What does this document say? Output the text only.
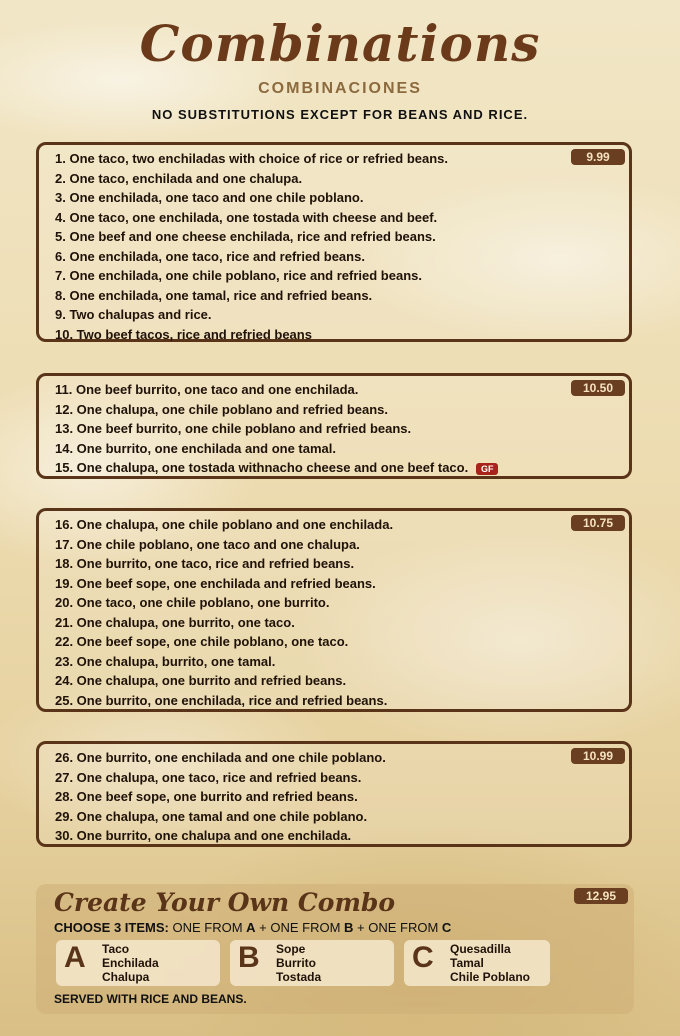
Combinations
COMBINACIONES
NO SUBSTITUTIONS EXCEPT FOR BEANS AND RICE.
9.99
1. One taco, two enchiladas with choice of rice or refried beans.
2. One taco, enchilada and one chalupa.
3. One enchilada, one taco and one chile poblano.
4. One taco, one enchilada, one tostada with cheese and beef.
5. One beef and one cheese enchilada, rice and refried beans.
6. One enchilada, one taco, rice and refried beans.
7. One enchilada, one chile poblano, rice and refried beans.
8. One enchilada, one tamal, rice and refried beans.
9. Two chalupas and rice.
10. Two beef tacos, rice and refried beans
10.50
11. One beef burrito, one taco and one enchilada.
12. One chalupa, one chile poblano and refried beans.
13. One beef burrito, one chile poblano and refried beans.
14. One burrito, one enchilada and one tamal.
15. One chalupa, one tostada withnacho cheese and one beef taco. GF
10.75
16. One chalupa, one chile poblano and one enchilada.
17. One chile poblano, one taco and one chalupa.
18. One burrito, one taco, rice and refried beans.
19. One beef sope, one enchilada and refried beans.
20. One taco, one chile poblano, one burrito.
21. One chalupa, one burrito, one taco.
22. One beef sope, one chile poblano, one taco.
23. One chalupa, burrito, one tamal.
24. One chalupa, one burrito and refried beans.
25. One burrito, one enchilada, rice and refried beans.
10.99
26. One burrito, one enchilada and one chile poblano.
27. One chalupa, one taco, rice and refried beans.
28. One beef sope, one burrito and refried beans.
29. One chalupa, one tamal and one chile poblano.
30. One burrito, one chalupa and one enchilada.
Create Your Own Combo	12.95
CHOOSE 3 ITEMS: ONE FROM A + ONE FROM B + ONE FROM C
A Taco
Enchilada
Chalupa
B Sope
Burrito
Tostada
C Quesadilla
Tamal
Chile Poblano
SERVED WITH RICE AND BEANS.
